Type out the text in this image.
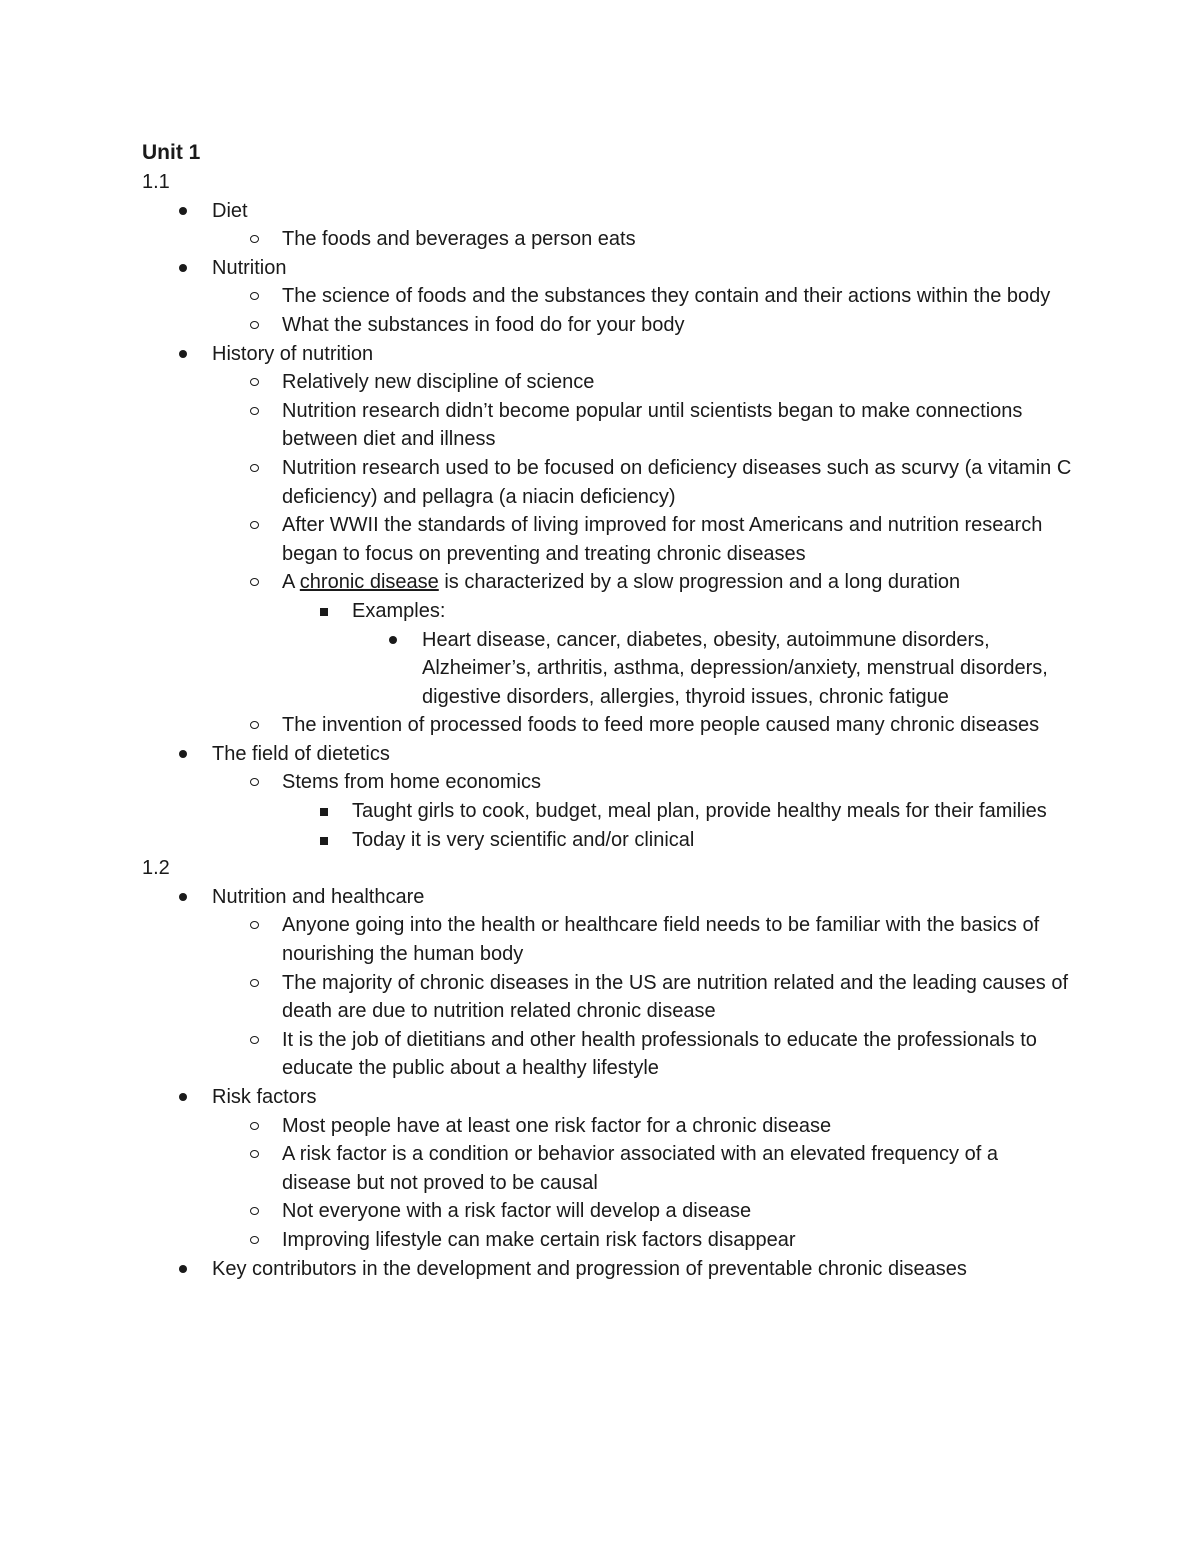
Unit 1
1.1
Diet
The foods and beverages a person eats
Nutrition
The science of foods and the substances they contain and their actions within the body
What the substances in food do for your body
History of nutrition
Relatively new discipline of science
Nutrition research didn’t become popular until scientists began to make connections between diet and illness
Nutrition research used to be focused on deficiency diseases such as scurvy (a vitamin C deficiency) and pellagra (a niacin deficiency)
After WWII the standards of living improved for most Americans and nutrition research began to focus on preventing and treating chronic diseases
A chronic disease is characterized by a slow progression and a long duration
Examples:
Heart disease, cancer, diabetes, obesity, autoimmune disorders, Alzheimer’s, arthritis, asthma, depression/anxiety, menstrual disorders, digestive disorders, allergies, thyroid issues, chronic fatigue
The invention of processed foods to feed more people caused many chronic diseases
The field of dietetics
Stems from home economics
Taught girls to cook, budget, meal plan, provide healthy meals for their families
Today it is very scientific and/or clinical
1.2
Nutrition and healthcare
Anyone going into the health or healthcare field needs to be familiar with the basics of nourishing the human body
The majority of chronic diseases in the US are nutrition related and the leading causes of death are due to nutrition related chronic disease
It is the job of dietitians and other health professionals to educate the professionals to educate the public about a healthy lifestyle
Risk factors
Most people have at least one risk factor for a chronic disease
A risk factor is a condition or behavior associated with an elevated frequency of a disease but not proved to be causal
Not everyone with a risk factor will develop a disease
Improving lifestyle can make certain risk factors disappear
Key contributors in the development and progression of preventable chronic diseases
